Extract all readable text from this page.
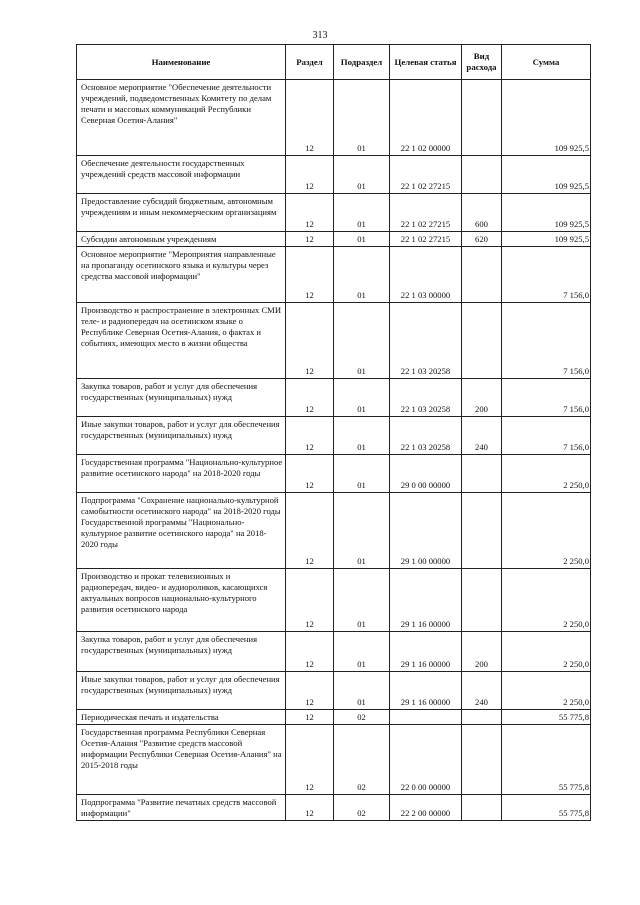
313
Наименование	Раздел	Подраздел	Целевая статья	Вид расхода	Сумма
Основное мероприятие "Обеспечение деятельности учреждений, подведомственных Комитету по делам печати и массовых коммуникаций Республики Северная Осетия-Алания"	12	01	22 1 02 00000		109 925,5
Обеспечение деятельности государственных учреждений средств массовой информации	12	01	22 1 02 27215		109 925,5
Предоставление субсидий бюджетным, автономным учреждениям и иным некоммерческим организациям	12	01	22 1 02 27215	600	109 925,5
Субсидии автономным учреждениям	12	01	22 1 02 27215	620	109 925,5
Основное мероприятие "Мероприятия направленные на пропаганду осетинского языка и культуры через средства массовой информации"	12	01	22 1 03 00000		7 156,0
Производство и распространение в электронных СМИ теле- и радиопередач на осетинском языке о Республике Северная Осетия-Алания, о фактах и событиях, имеющих место в жизни общества	12	01	22 1 03 20258		7 156,0
Закупка товаров, работ и услуг для обеспечения государственных (муниципальных) нужд	12	01	22 1 03 20258	200	7 156,0
Иные закупки товаров, работ и услуг для обеспечения государственных (муниципальных) нужд	12	01	22 1 03 20258	240	7 156,0
Государственная программа "Национально-культурное развитие осетинского народа" на 2018-2020 годы	12	01	29 0 00 00000		2 250,0
Подпрограмма "Сохранение национально-культурной самобытности осетинского народа" на 2018-2020 годы Государственной программы "Национально-культурное развитие осетинского народа" на 2018-2020 годы	12	01	29 1 00 00000		2 250,0
Производство и прокат телевизионных и радиопередач, видео- и аудиороликов, касающихся актуальных вопросов национально-культурного развития осетинского народа	12	01	29 1 16 00000		2 250,0
Закупка товаров, работ и услуг для обеспечения государственных (муниципальных) нужд	12	01	29 1 16 00000	200	2 250,0
Иные закупки товаров, работ и услуг для обеспечения государственных (муниципальных) нужд	12	01	29 1 16 00000	240	2 250,0
Периодическая печать и издательства	12	02			55 775,8
Государственная программа Республики Северная Осетия-Алания "Развитие средств массовой информации Республики Северная Осетия-Алания" на 2015-2018 годы	12	02	22 0 00 00000		55 775,8
Подпрограмма "Развитие печатных средств массовой информации"	12	02	22 2 00 00000		55 775,8
